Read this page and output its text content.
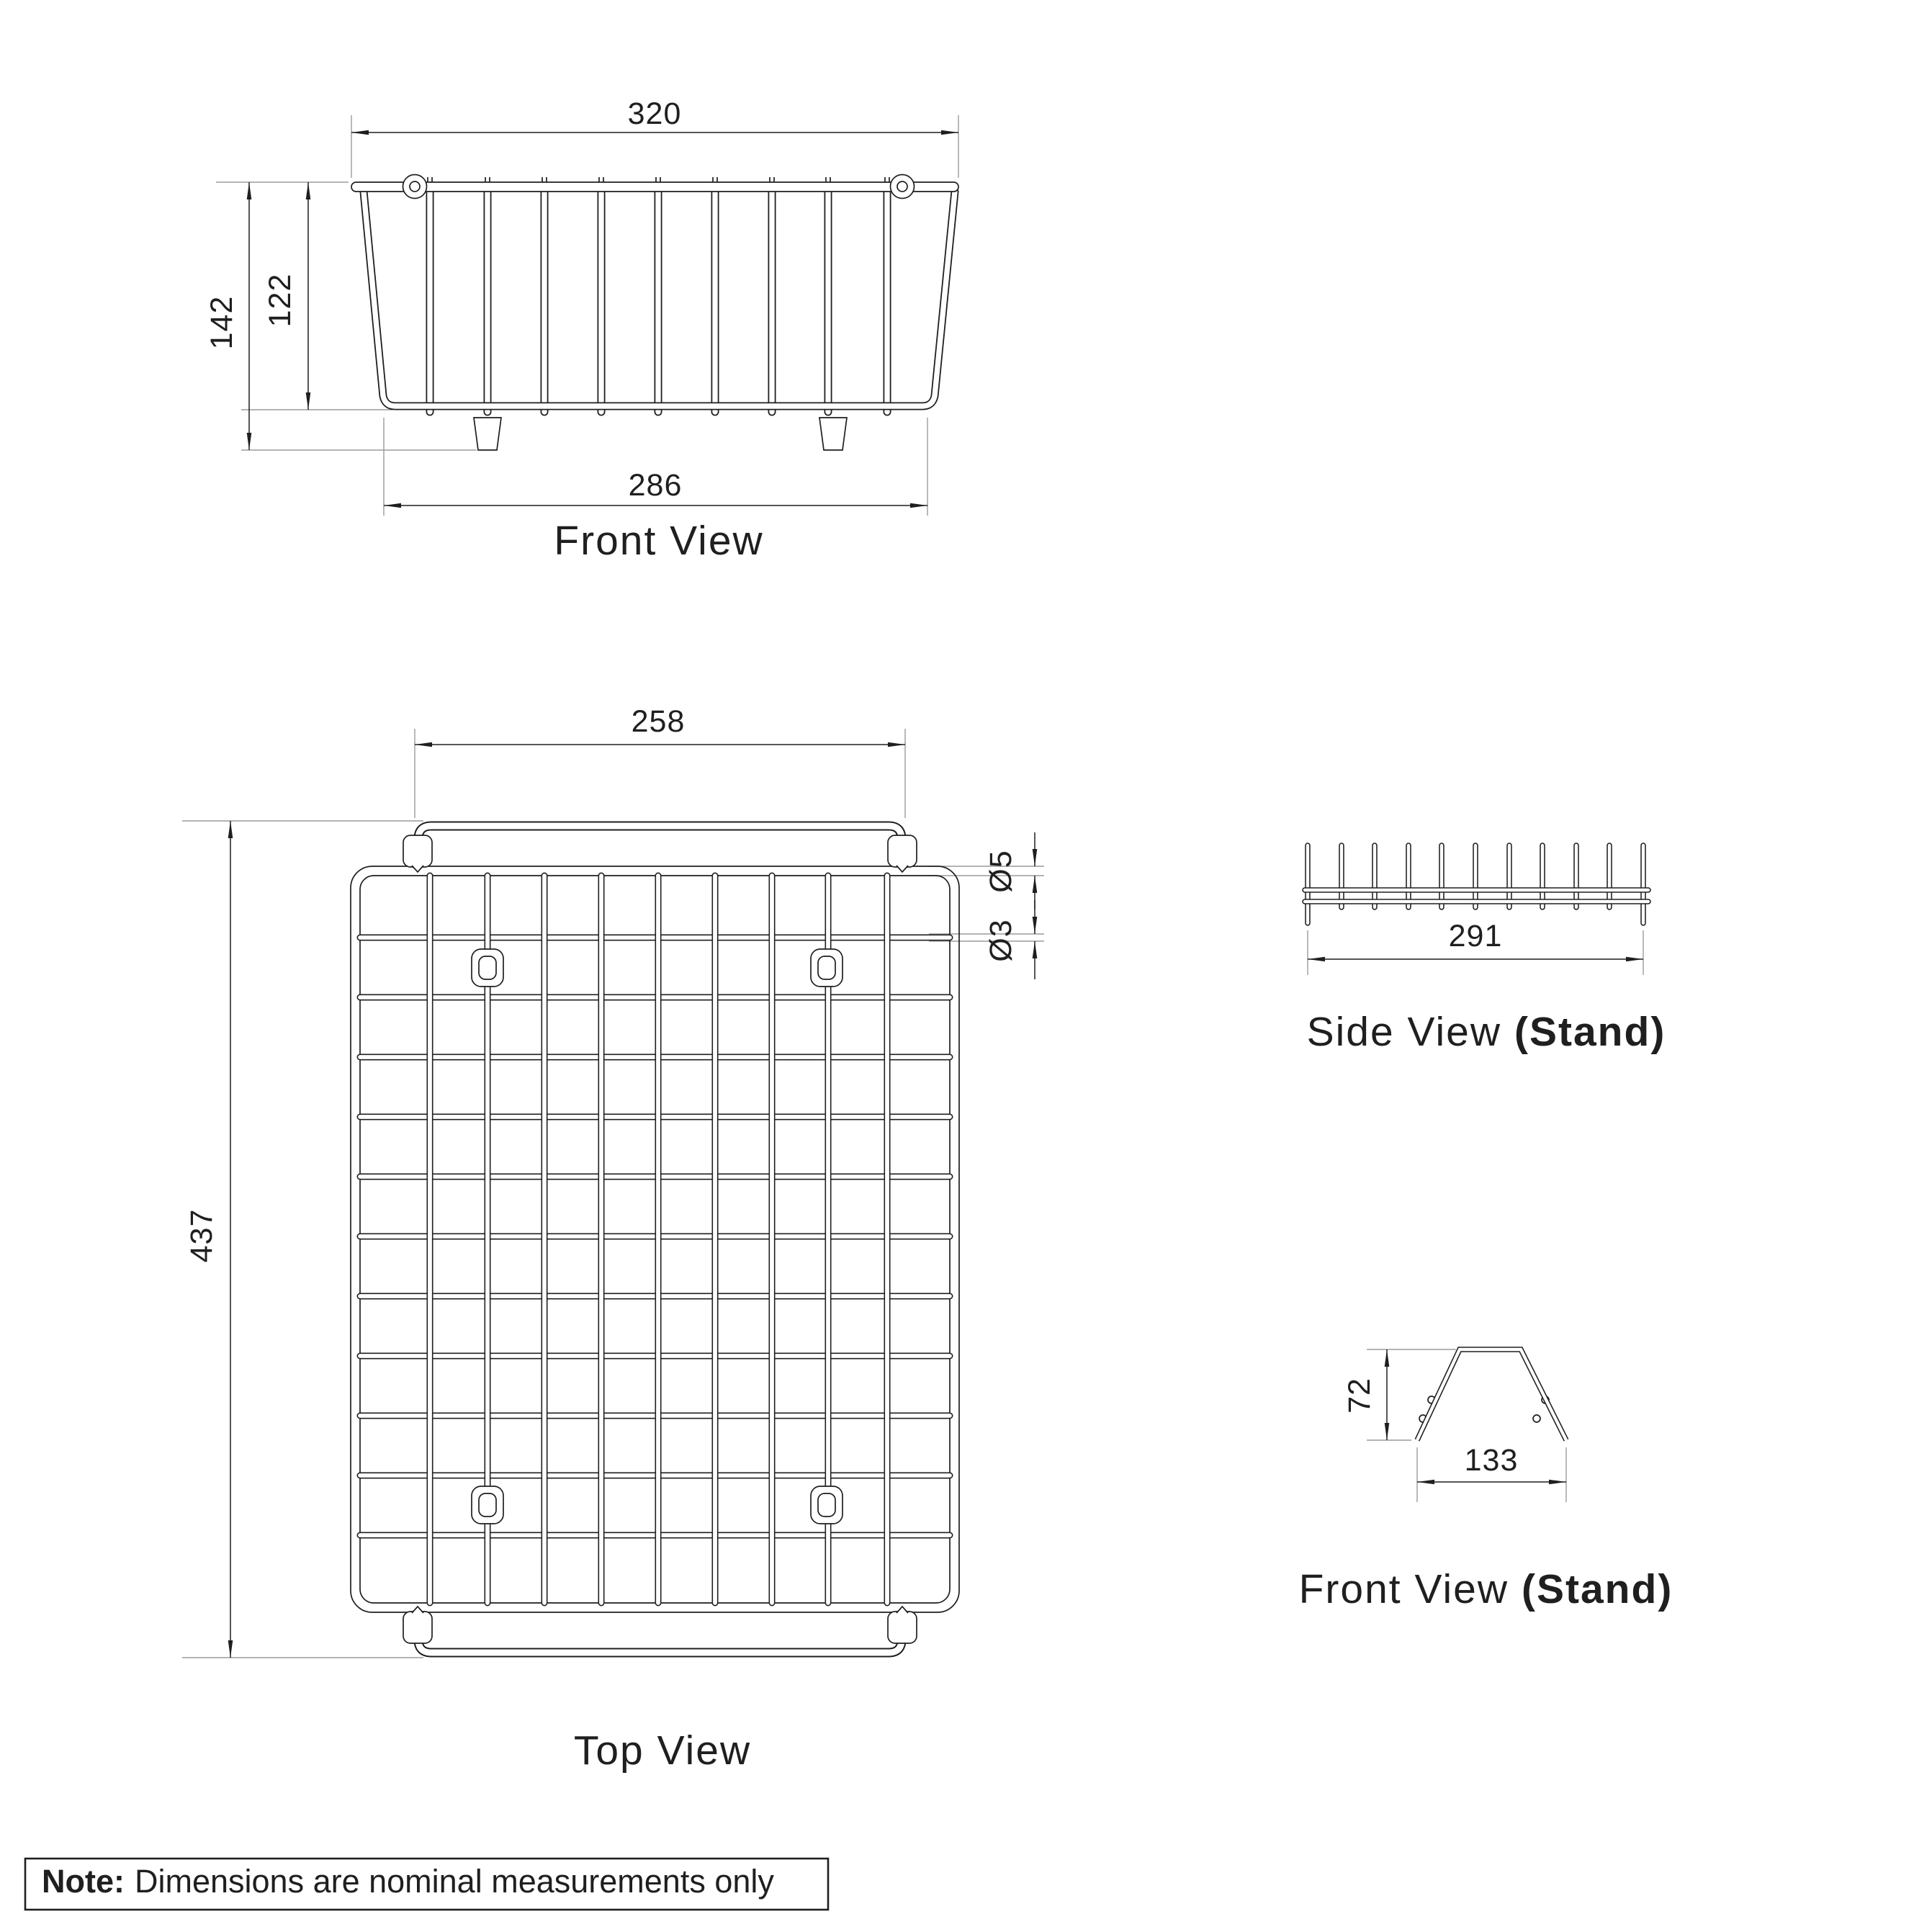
320
142 122
286
Front View
258
437
Ø5
Ø3
Top View
291
Side View (Stand)
72
133
Front View (Stand)
Note: Dimensions are nominal measurements only
